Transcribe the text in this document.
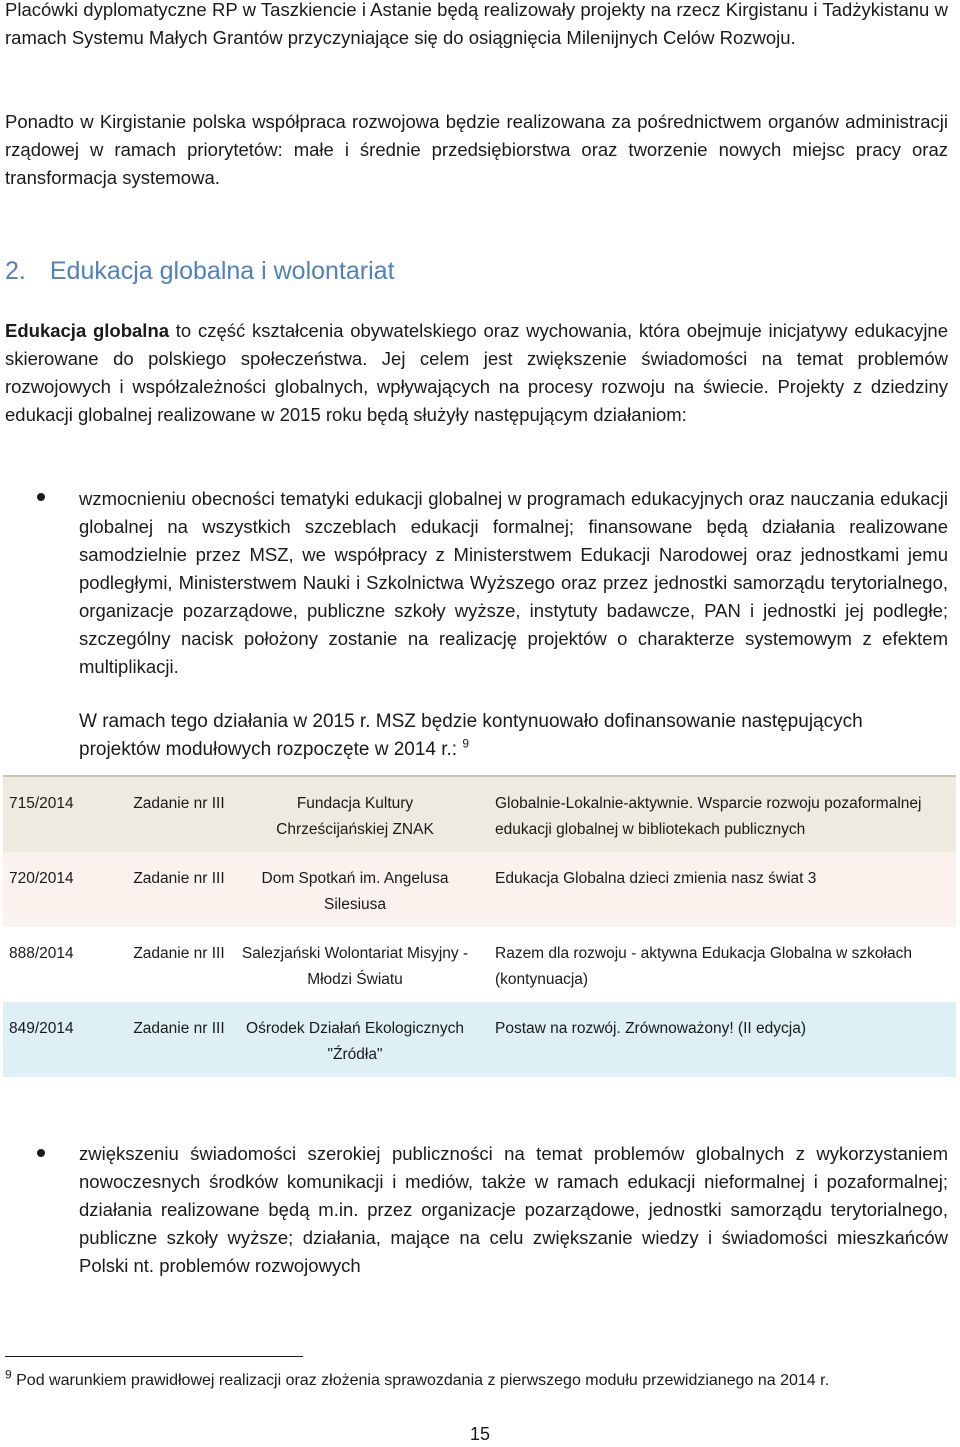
Placówki dyplomatyczne RP w Taszkiencie i Astanie będą realizowały projekty na rzecz Kirgistanu i Tadżykistanu w ramach Systemu Małych Grantów przyczyniające się do osiągnięcia Milenijnych Celów Rozwoju.

Ponadto w Kirgistanie polska współpraca rozwojowa będzie realizowana za pośrednictwem organów administracji rządowej w ramach priorytetów: małe i średnie przedsiębiorstwa oraz tworzenie nowych miejsc pracy oraz transformacja systemowa.

2. Edukacja globalna i wolontariat

Edukacja globalna to część kształcenia obywatelskiego oraz wychowania, która obejmuje inicjatywy edukacyjne skierowane do polskiego społeczeństwa. Jej celem jest zwiększenie świadomości na temat problemów rozwojowych i współzależności globalnych, wpływających na procesy rozwoju na świecie. Projekty z dziedziny edukacji globalnej realizowane w 2015 roku będą służyły następującym działaniom:

wzmocnieniu obecności tematyki edukacji globalnej w programach edukacyjnych oraz nauczania edukacji globalnej na wszystkich szczeblach edukacji formalnej; finansowane będą działania realizowane samodzielnie przez MSZ, we współpracy z Ministerstwem Edukacji Narodowej oraz jednostkami jemu podległymi, Ministerstwem Nauki i Szkolnictwa Wyższego oraz przez jednostki samorządu terytorialnego, organizacje pozarządowe, publiczne szkoły wyższe, instytuty badawcze, PAN i jednostki jej podległe; szczególny nacisk położony zostanie na realizację projektów o charakterze systemowym z efektem multiplikacji.

W ramach tego działania w 2015 r. MSZ będzie kontynuowało dofinansowanie następujących projektów modułowych rozpoczęte w 2014 r.: $^9$

715/2014	Zadanie nr III	Fundacja Kultury Chrześcijańskiej ZNAK	Globalnie-Lokalnie-aktywnie. Wsparcie rozwoju pozaformalnej edukacji globalnej w bibliotekach publicznych
720/2014	Zadanie nr III	Dom Spotkań im. Angelusa Silesiusa	Edukacja Globalna dzieci zmienia nasz świat 3
888/2014	Zadanie nr III	Salezjański Wolontariat Misyjny - Młodzi Światu	Razem dla rozwoju - aktywna Edukacja Globalna w szkołach (kontynuacja)
849/2014	Zadanie nr III	Ośrodek Działań Ekologicznych "Źródła"	Postaw na rozwój. Zrównoważony! (II edycja)

zwiększeniu świadomości szerokiej publiczności na temat problemów globalnych z wykorzystaniem nowoczesnych środków komunikacji i mediów, także w ramach edukacji nieformalnej i pozaformalnej; działania realizowane będą m.in. przez organizacje pozarządowe, jednostki samorządu terytorialnego, publiczne szkoły wyższe; działania, mające na celu zwiększanie wiedzy i świadomości mieszkańców Polski nt. problemów rozwojowych

$^9$ Pod warunkiem prawidłowej realizacji oraz złożenia sprawozdania z pierwszego modułu przewidzianego na 2014 r.

15
